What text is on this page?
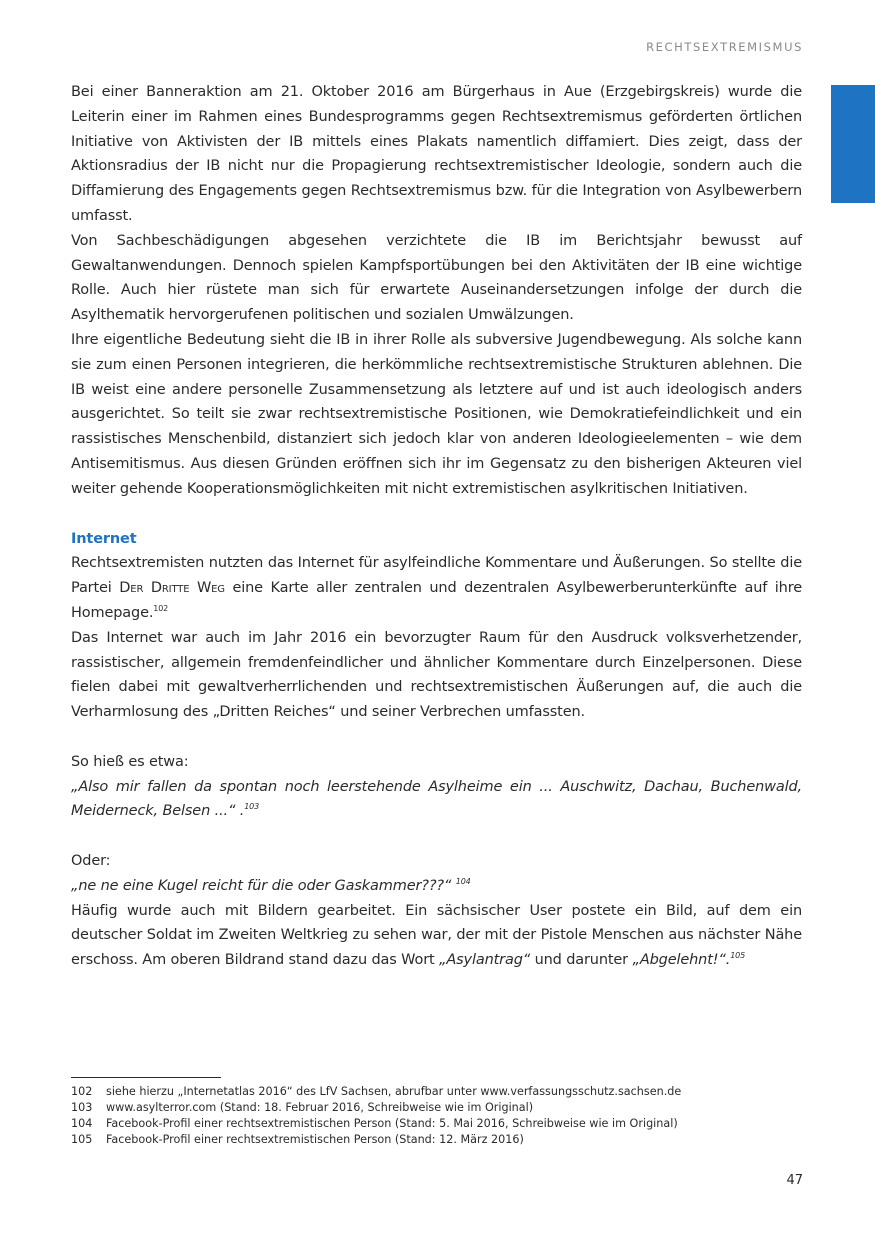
RECHTSEXTREMISMUS

Bei einer Banneraktion am 21. Oktober 2016 am Bürgerhaus in Aue (Erzgebirgskreis) wurde die Leiterin einer im Rahmen eines Bundesprogramms gegen Rechtsextremismus geförderten örtlichen Initiative von Aktivisten der IB mittels eines Plakats namentlich diffamiert. Dies zeigt, dass der Aktionsradius der IB nicht nur die Propagierung rechtsextremistischer Ideologie, sondern auch die Diffamierung des Engagements gegen Rechtsextremismus bzw. für die Integration von Asylbewerbern umfasst.

Von Sachbeschädigungen abgesehen verzichtete die IB im Berichtsjahr bewusst auf Gewaltanwendungen. Dennoch spielen Kampfsportübungen bei den Aktivitäten der IB eine wichtige Rolle. Auch hier rüstete man sich für erwartete Auseinandersetzungen infolge der durch die Asylthematik hervorgerufenen politischen und sozialen Umwälzungen.

Ihre eigentliche Bedeutung sieht die IB in ihrer Rolle als subversive Jugendbewegung. Als solche kann sie zum einen Personen integrieren, die herkömmliche rechtsextremistische Strukturen ablehnen. Die IB weist eine andere personelle Zusammensetzung als letztere auf und ist auch ideologisch anders ausgerichtet. So teilt sie zwar rechtsextremistische Positionen, wie Demokratiefeindlichkeit und ein rassistisches Menschenbild, distanziert sich jedoch klar von anderen Ideologieelementen – wie dem Antisemitismus. Aus diesen Gründen eröffnen sich ihr im Gegensatz zu den bisherigen Akteuren viel weiter gehende Kooperationsmöglichkeiten mit nicht extremistischen asylkritischen Initiativen.

Internet

Rechtsextremisten nutzten das Internet für asylfeindliche Kommentare und Äußerungen. So stellte die Partei Der Dritte Weg eine Karte aller zentralen und dezentralen Asylbewerberunterkünfte auf ihre Homepage.$^{102}$

Das Internet war auch im Jahr 2016 ein bevorzugter Raum für den Ausdruck volksverhetzender, rassistischer, allgemein fremdenfeindlicher und ähnlicher Kommentare durch Einzelpersonen. Diese fielen dabei mit gewaltverherrlichenden und rechtsextremistischen Äußerungen auf, die auch die Verharmlosung des „Dritten Reiches“ und seiner Verbrechen umfassten.

So hieß es etwa:

„Also mir fallen da spontan noch leerstehende Asylheime ein ... Auschwitz, Dachau, Buchenwald, Meiderneck, Belsen ...“ .$^{103}$

Oder:

„ne ne eine Kugel reicht für die oder Gaskammer???“ $^{104}$

Häufig wurde auch mit Bildern gearbeitet. Ein sächsischer User postete ein Bild, auf dem ein deutscher Soldat im Zweiten Weltkrieg zu sehen war, der mit der Pistole Menschen aus nächster Nähe erschoss. Am oberen Bildrand stand dazu das Wort „Asylantrag“ und darunter „Abgelehnt!“.$^{105}$

102	siehe hierzu „Internetatlas 2016“ des LfV Sachsen, abrufbar unter www.verfassungsschutz.sachsen.de
103	www.asylterror.com (Stand: 18. Februar 2016, Schreibweise wie im Original)
104	Facebook-Profil einer rechtsextremistischen Person (Stand: 5. Mai 2016, Schreibweise wie im Original)
105	Facebook-Profil einer rechtsextremistischen Person (Stand: 12. März 2016)
47
